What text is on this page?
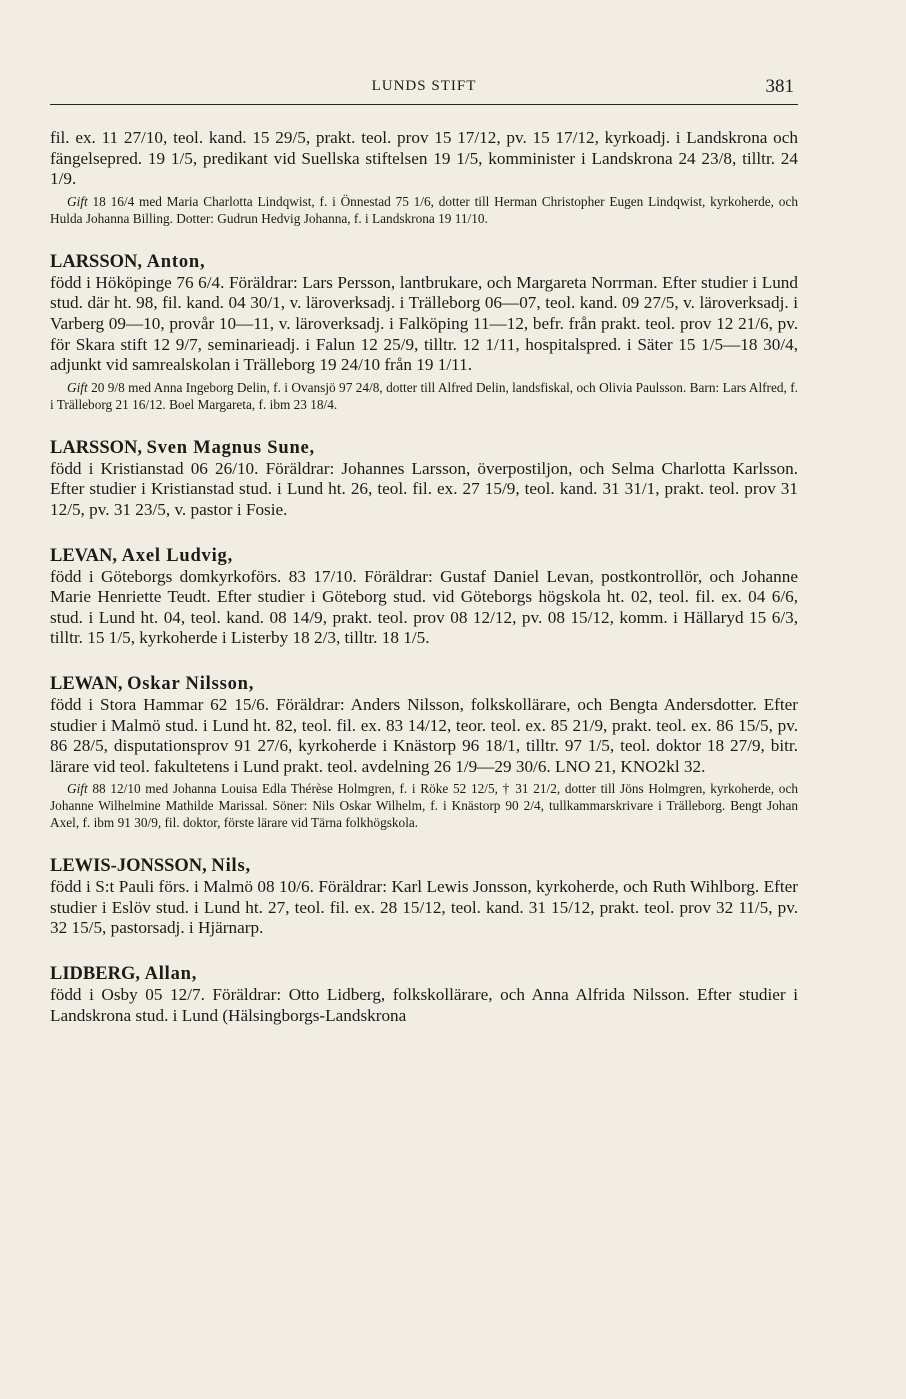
LUNDS STIFT	381

fil. ex. 11 27/10, teol. kand. 15 29/5, prakt. teol. prov 15 17/12, pv. 15 17/12, kyrkoadj. i Landskrona och fängelsepred. 19 1/5, predikant vid Suellska stiftelsen 19 1/5, komminister i Landskrona 24 23/8, tilltr. 24 1/9.

Gift 18 16/4 med Maria Charlotta Lindqwist, f. i Önnestad 75 1/6, dotter till Herman Christopher Eugen Lindqwist, kyrkoherde, och Hulda Johanna Billing. Dotter: Gudrun Hedvig Johanna, f. i Landskrona 19 11/10.

LARSSON, Anton,

född i Hököpinge 76 6/4. Föräldrar: Lars Persson, lantbrukare, och Margareta Norrman. Efter studier i Lund stud. där ht. 98, fil. kand. 04 30/1, v. läroverksadj. i Trälleborg 06—07, teol. kand. 09 27/5, v. läroverksadj. i Varberg 09—10, provår 10—11, v. läroverksadj. i Falköping 11—12, befr. från prakt. teol. prov 12 21/6, pv. för Skara stift 12 9/7, seminarieadj. i Falun 12 25/9, tilltr. 12 1/11, hospitalspred. i Säter 15 1/5—18 30/4, adjunkt vid samrealskolan i Trälleborg 19 24/10 från 19 1/11.

Gift 20 9/8 med Anna Ingeborg Delin, f. i Ovansjö 97 24/8, dotter till Alfred Delin, landsfiskal, och Olivia Paulsson. Barn: Lars Alfred, f. i Trälleborg 21 16/12. Boel Margareta, f. ibm 23 18/4.

LARSSON, Sven Magnus Sune,

född i Kristianstad 06 26/10. Föräldrar: Johannes Larsson, överpostiljon, och Selma Charlotta Karlsson. Efter studier i Kristianstad stud. i Lund ht. 26, teol. fil. ex. 27 15/9, teol. kand. 31 31/1, prakt. teol. prov 31 12/5, pv. 31 23/5, v. pastor i Fosie.

LEVAN, Axel Ludvig,

född i Göteborgs domkyrkoförs. 83 17/10. Föräldrar: Gustaf Daniel Levan, postkontrollör, och Johanne Marie Henriette Teudt. Efter studier i Göteborg stud. vid Göteborgs högskola ht. 02, teol. fil. ex. 04 6/6, stud. i Lund ht. 04, teol. kand. 08 14/9, prakt. teol. prov 08 12/12, pv. 08 15/12, komm. i Hällaryd 15 6/3, tilltr. 15 1/5, kyrkoherde i Listerby 18 2/3, tilltr. 18 1/5.

LEWAN, Oskar Nilsson,

född i Stora Hammar 62 15/6. Föräldrar: Anders Nilsson, folkskollärare, och Bengta Andersdotter. Efter studier i Malmö stud. i Lund ht. 82, teol. fil. ex. 83 14/12, teor. teol. ex. 85 21/9, prakt. teol. ex. 86 15/5, pv. 86 28/5, disputationsprov 91 27/6, kyrkoherde i Knästorp 96 18/1, tilltr. 97 1/5, teol. doktor 18 27/9, bitr. lärare vid teol. fakultetens i Lund prakt. teol. avdelning 26 1/9—29 30/6. LNO 21, KNO2kl 32.

Gift 88 12/10 med Johanna Louisa Edla Thérèse Holmgren, f. i Röke 52 12/5, † 31 21/2, dotter till Jöns Holmgren, kyrkoherde, och Johanne Wilhelmine Mathilde Marissal. Söner: Nils Oskar Wilhelm, f. i Knästorp 90 2/4, tullkammarskrivare i Trälleborg. Bengt Johan Axel, f. ibm 91 30/9, fil. doktor, förste lärare vid Tärna folkhögskola.

LEWIS-JONSSON, Nils,

född i S:t Pauli förs. i Malmö 08 10/6. Föräldrar: Karl Lewis Jonsson, kyrkoherde, och Ruth Wihlborg. Efter studier i Eslöv stud. i Lund ht. 27, teol. fil. ex. 28 15/12, teol. kand. 31 15/12, prakt. teol. prov 32 11/5, pv. 32 15/5, pastorsadj. i Hjärnarp.

LIDBERG, Allan,

född i Osby 05 12/7. Föräldrar: Otto Lidberg, folkskollärare, och Anna Alfrida Nilsson. Efter studier i Landskrona stud. i Lund (Hälsingborgs-Landskrona
